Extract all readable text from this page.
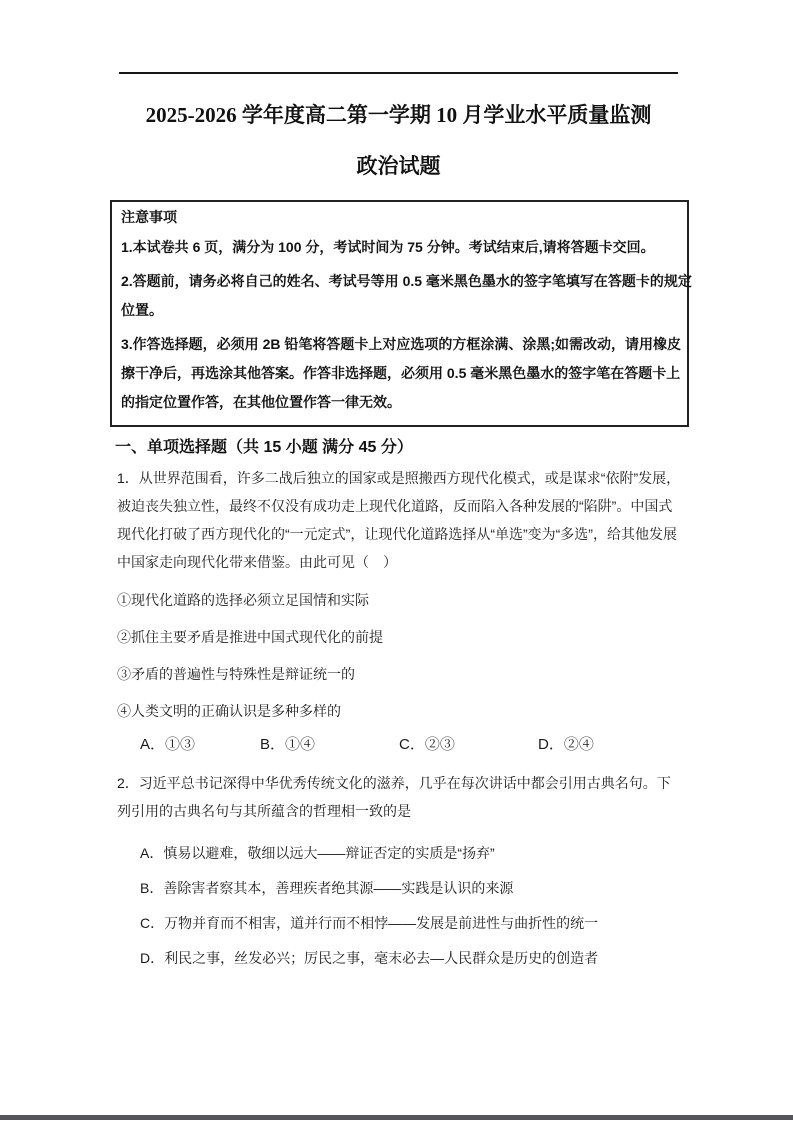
2025-2026 学年度高二第一学期 10 月学业水平质量监测
政治试题
注意事项
1.本试卷共 6 页，满分为 100 分，考试时间为 75 分钟。考试结束后,请将答题卡交回。
2.答题前，请务必将自己的姓名、考试号等用 0.5 毫米黑色墨水的签字笔填写在答题卡的规定
位置。
3.作答选择题，必须用 2B 铅笔将答题卡上对应选项的方框涂满、涂黑;如需改动，请用橡皮
擦干净后，再选涂其他答案。作答非选择题，必须用 0.5 毫米黑色墨水的签字笔在答题卡上
的指定位置作答，在其他位置作答一律无效。
一、单项选择题（共 15 小题 满分 45 分）
1．从世界范围看，许多二战后独立的国家或是照搬西方现代化模式，或是谋求“依附”发展，
被迫丧失独立性，最终不仅没有成功走上现代化道路，反而陷入各种发展的“陷阱”。中国式
现代化打破了西方现代化的“一元定式”，让现代化道路选择从“单选”变为“多选”，给其他发展
中国家走向现代化带来借鉴。由此可见（　）
①现代化道路的选择必须立足国情和实际
②抓住主要矛盾是推进中国式现代化的前提
③矛盾的普遍性与特殊性是辩证统一的
④人类文明的正确认识是多种多样的
A．①③	B．①④	C．②③	D．②④
2．习近平总书记深得中华优秀传统文化的滋养，几乎在每次讲话中都会引用古典名句。下
列引用的古典名句与其所蕴含的哲理相一致的是
A．慎易以避难，敬细以远大——辩证否定的实质是“扬弃”
B．善除害者察其本，善理疾者绝其源——实践是认识的来源
C．万物并育而不相害，道并行而不相悖——发展是前进性与曲折性的统一
D．利民之事，丝发必兴；厉民之事，毫末必去—人民群众是历史的创造者
